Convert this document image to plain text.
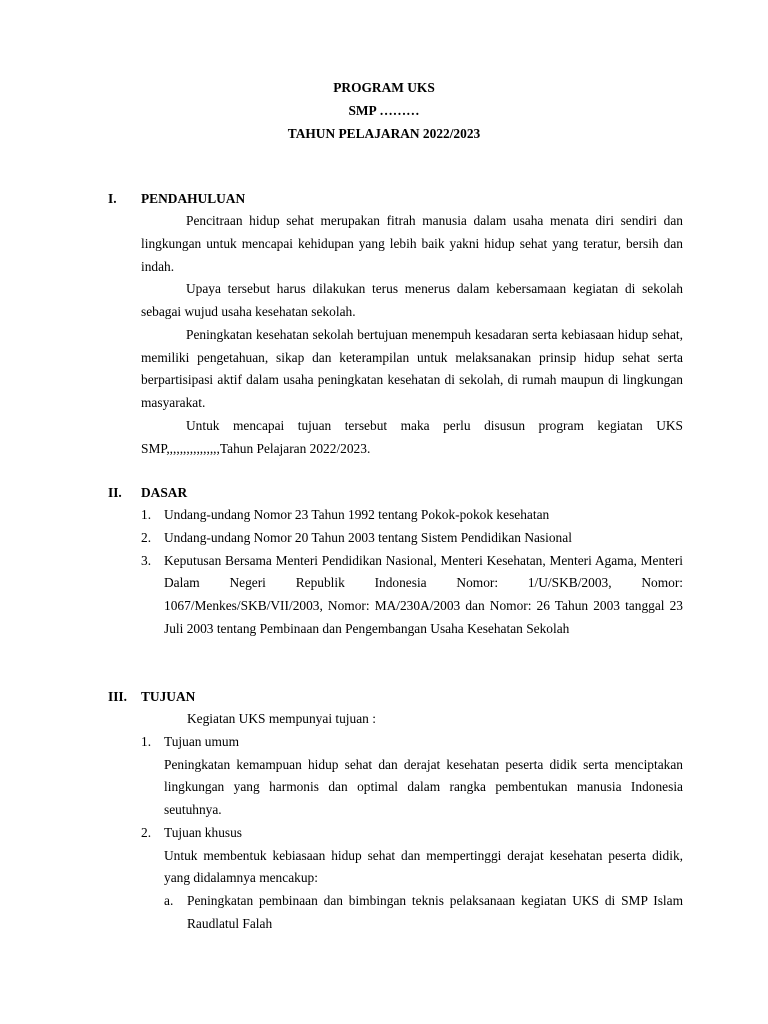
PROGRAM UKS
SMP ………
TAHUN PELAJARAN 2022/2023
I. PENDAHULUAN

Pencitraan hidup sehat merupakan fitrah manusia dalam usaha menata diri sendiri dan lingkungan untuk mencapai kehidupan yang lebih baik yakni hidup sehat yang teratur, bersih dan indah.

Upaya tersebut harus dilakukan terus menerus dalam kebersamaan kegiatan di sekolah sebagai wujud usaha kesehatan sekolah.

Peningkatan kesehatan sekolah bertujuan menempuh kesadaran serta kebiasaan hidup sehat, memiliki pengetahuan, sikap dan keterampilan untuk melaksanakan prinsip hidup sehat serta berpartisipasi aktif dalam usaha peningkatan kesehatan di sekolah, di rumah maupun di lingkungan masyarakat.

Untuk mencapai tujuan tersebut maka perlu disusun program kegiatan UKS SMP,,,,,,,,,,,,,,,,Tahun Pelajaran 2022/2023.

II. DASAR
1. Undang-undang Nomor 23 Tahun 1992 tentang Pokok-pokok kesehatan
2. Undang-undang Nomor 20 Tahun 2003 tentang Sistem Pendidikan Nasional
3. Keputusan Bersama Menteri Pendidikan Nasional, Menteri Kesehatan, Menteri Agama, Menteri Dalam Negeri Republik Indonesia Nomor: 1/U/SKB/2003, Nomor: 1067/Menkes/SKB/VII/2003, Nomor: MA/230A/2003 dan Nomor: 26 Tahun 2003 tanggal 23 Juli 2003 tentang Pembinaan dan Pengembangan Usaha Kesehatan Sekolah
III. TUJUAN
Kegiatan UKS mempunyai tujuan :
1. Tujuan umum
Peningkatan kemampuan hidup sehat dan derajat kesehatan peserta didik serta menciptakan lingkungan yang harmonis dan optimal dalam rangka pembentukan manusia Indonesia seutuhnya.
2. Tujuan khusus
Untuk membentuk kebiasaan hidup sehat dan mempertinggi derajat kesehatan peserta didik, yang didalamnya mencakup:
a. Peningkatan pembinaan dan bimbingan teknis pelaksanaan kegiatan UKS di SMP Islam Raudlatul Falah
